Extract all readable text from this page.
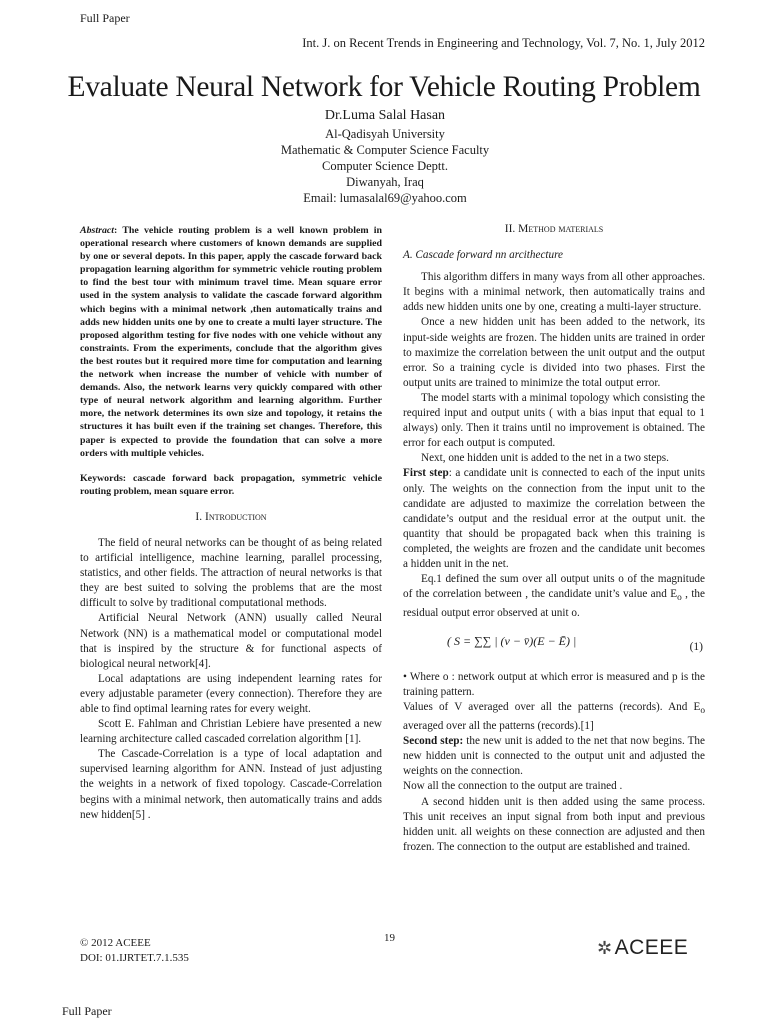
Full Paper
Int. J. on Recent Trends in Engineering and Technology, Vol. 7, No. 1, July 2012
Evaluate Neural Network for Vehicle Routing Problem
Dr.Luma Salal Hasan
Al-Qadisyah University
Mathematic & Computer Science Faculty
Computer Science Deptt.
Diwanyah, Iraq
Email: lumasalal69@yahoo.com

Abstract: The vehicle routing problem is a well known problem in operational research where customers of known demands are supplied by one or several depots. In this paper, apply the cascade forward back propagation learning algorithm for symmetric vehicle routing problem to find the best tour with minimum travel time. Mean square error used in the system analysis to validate the cascade forward algorithm which begins with a minimal network ,then automatically trains and adds new hidden units one by one to create a multi layer structure. The proposed algorithm testing for five nodes with one vehicle without any constraints. From the experiments, conclude that the algorithm gives the best routes but it required more time for computation and learning the network when increase the number of vehicle with number of demands. Also, the network learns very quickly compared with other type of neural network algorithm and learning algorithm. Further more, the network determines its own size and topology, it retains the structures it has built even if the training set changes. Therefore, this paper is expected to provide the foundation that can solve a more orders with multiple vehicles.

Keywords: cascade forward back propagation, symmetric vehicle routing problem, mean square error.

I. Introduction

The field of neural networks can be thought of as being related to artificial intelligence, machine learning, parallel processing, statistics, and other fields. The attraction of neural networks is that they are best suited to solving the problems that are the most difficult to solve by traditional computational methods.

Artificial Neural Network (ANN) usually called Neural Network (NN) is a mathematical model or computational model that is inspired by the structure & for functional aspects of biological neural network[4].

Local adaptations are using independent learning rates for every adjustable parameter (every connection). Therefore they are able to find optimal learning rates for every weight.

Scott E. Fahlman and Christian Lebiere have presented a new learning architecture called cascaded correlation algorithm [1].

The Cascade-Correlation is a type of local adaptation and supervised learning algorithm for ANN. Instead of just adjusting the weights in a network of fixed topology. Cascade-Correlation begins with a minimal network, then automatically trains and adds new hidden[5] .

II. Method materials

A. Cascade forward nn arcithecture

This algorithm differs in many ways from all other approaches. It begins with a minimal network, then automatically trains and adds new hidden units one by one, creating a multi-layer structure.

Once a new hidden unit has been added to the network, its input-side weights are frozen. The hidden units are trained in order to maximize the correlation between the unit output and the output error. So a training cycle is divided into two phases. First the output units are trained to minimize the total output error.

The model starts with a minimal topology which consisting the required input and output units ( with a bias input that equal to 1 always) only. Then it trains until no improvement is obtained. The error for each output is computed.

Next, one hidden unit is added to the net in a two steps.

First step: a candidate unit is connected to each of the input units only. The weights on the connection from the input unit to the candidate are adjusted to maximize the correlation between the candidate’s output and the residual error at the output unit. the quantity that should be propagated back when this training is completed, the weights are frozen and the candidate unit becomes a hidden unit in the net.

Eq.1 defined the sum over all output units o of the magnitude of the correlation between , the candidate unit’s value and $E_o$ , the residual output error observed at unit o.

( S = ∑∑ | (v − v̄)(E − Ē) |	(1)

• Where o : network output at which error is measured and p is the training pattern.

Values of V averaged over all the patterns (records). And $E_o$ averaged over all the patterns (records).[1]

Second step: the new unit is added to the net that now begins. The new hidden unit is connected to the output unit and adjusted the weights on the connection.

Now all the connection to the output are trained .

A second hidden unit is then added using the same process. This unit receives an input signal from both input and previous hidden unit. all weights on these connection are adjusted and then frozen. The connection to the output are established and trained.

© 2012 ACEEE
DOI: 01.IJRTET.7.1.535
19	✲ACEEE
Full Paper
